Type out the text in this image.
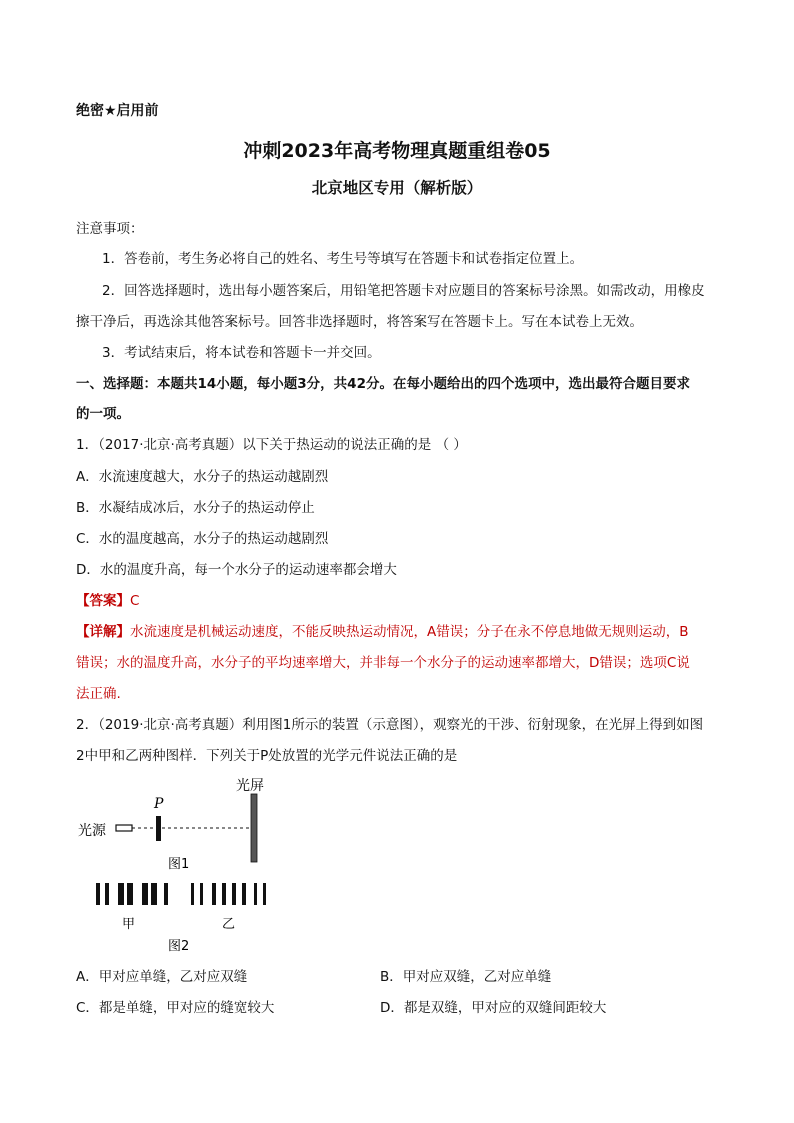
绝密★启用前
冲刺2023年高考物理真题重组卷05
北京地区专用（解析版）
注意事项：
1．答卷前，考生务必将自己的姓名、考生号等填写在答题卡和试卷指定位置上。
2．回答选择题时，选出每小题答案后，用铅笔把答题卡对应题目的答案标号涂黑。如需改动，用橡皮
擦干净后，再选涂其他答案标号。回答非选择题时，将答案写在答题卡上。写在本试卷上无效。
3．考试结束后，将本试卷和答题卡一并交回。
一、选择题：本题共14小题，每小题3分，共42分。在每小题给出的四个选项中，选出最符合题目要求
的一项。
1．（2017·北京·高考真题）以下关于热运动的说法正确的是 （ ）
A．水流速度越大，水分子的热运动越剧烈
B．水凝结成冰后，水分子的热运动停止
C．水的温度越高，水分子的热运动越剧烈
D．水的温度升高，每一个水分子的运动速率都会增大
【答案】C
【详解】水流速度是机械运动速度，不能反映热运动情况，A错误；分子在永不停息地做无规则运动，B
错误；水的温度升高，水分子的平均速率增大，并非每一个水分子的运动速率都增大，D错误；选项C说
法正确.
2．（2019·北京·高考真题）利用图1所示的装置（示意图），观察光的干涉、衍射现象，在光屏上得到如图
2中甲和乙两种图样．下列关于P处放置的光学元件说法正确的是
光源
P
光屏
图1
甲	乙
图2
A．甲对应单缝，乙对应双缝	B．甲对应双缝，乙对应单缝
C．都是单缝，甲对应的缝宽较大	D．都是双缝，甲对应的双缝间距较大
